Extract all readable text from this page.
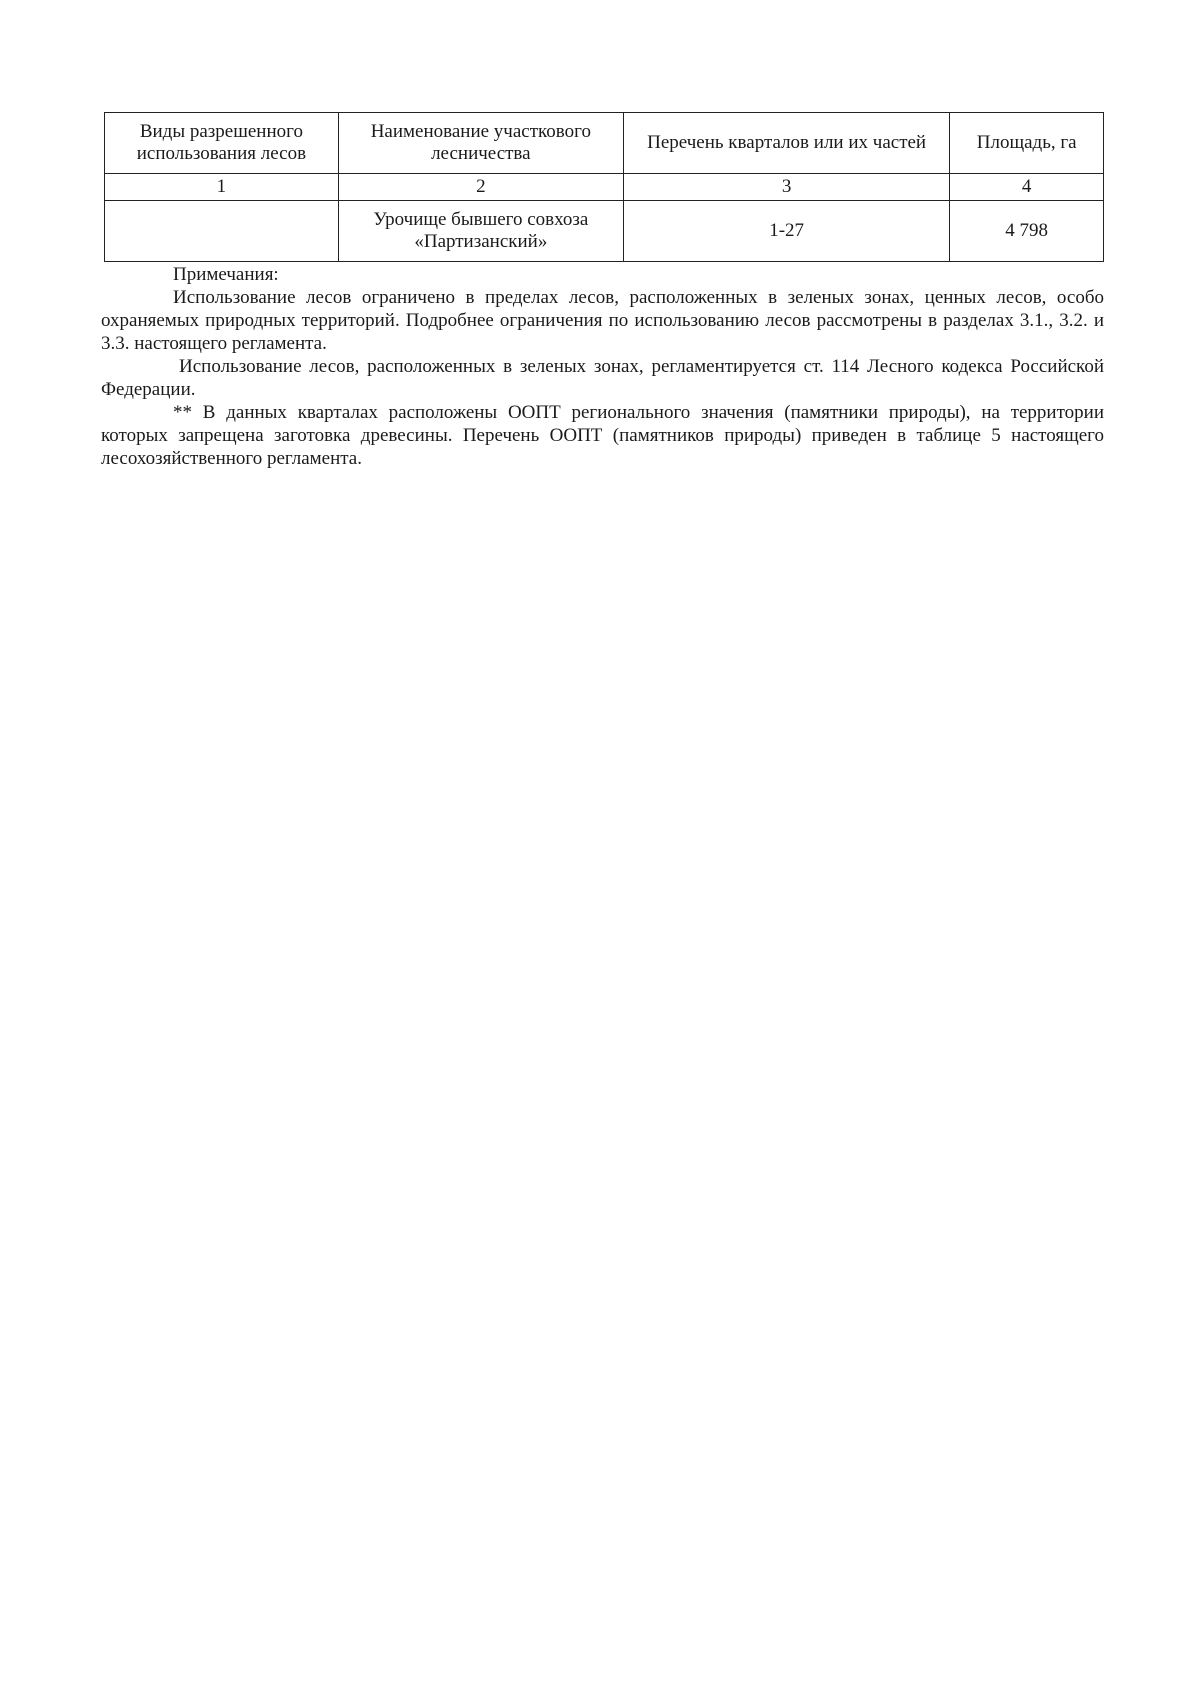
Виды разрешенного использования лесов	Наименование участкового лесничества	Перечень кварталов или их частей	Площадь, га
1	2	3	4
	Урочище бывшего совхоза «Партизанский»	1-27	4 798

Примечания:

Использование лесов ограничено в пределах лесов, расположенных в зеленых зонах, ценных лесов, особо охраняемых природных территорий. Подробнее ограничения по использованию лесов рассмотрены в разделах 3.1., 3.2. и 3.3. настоящего регламента.

Использование лесов, расположенных в зеленых зонах, регламентируется ст. 114 Лесного кодекса Российской Федерации.

** В данных кварталах расположены ООПТ регионального значения (памятники природы), на территории которых запрещена заготовка древесины. Перечень ООПТ (памятников природы) приведен в таблице 5 настоящего лесохозяйственного регламента.
